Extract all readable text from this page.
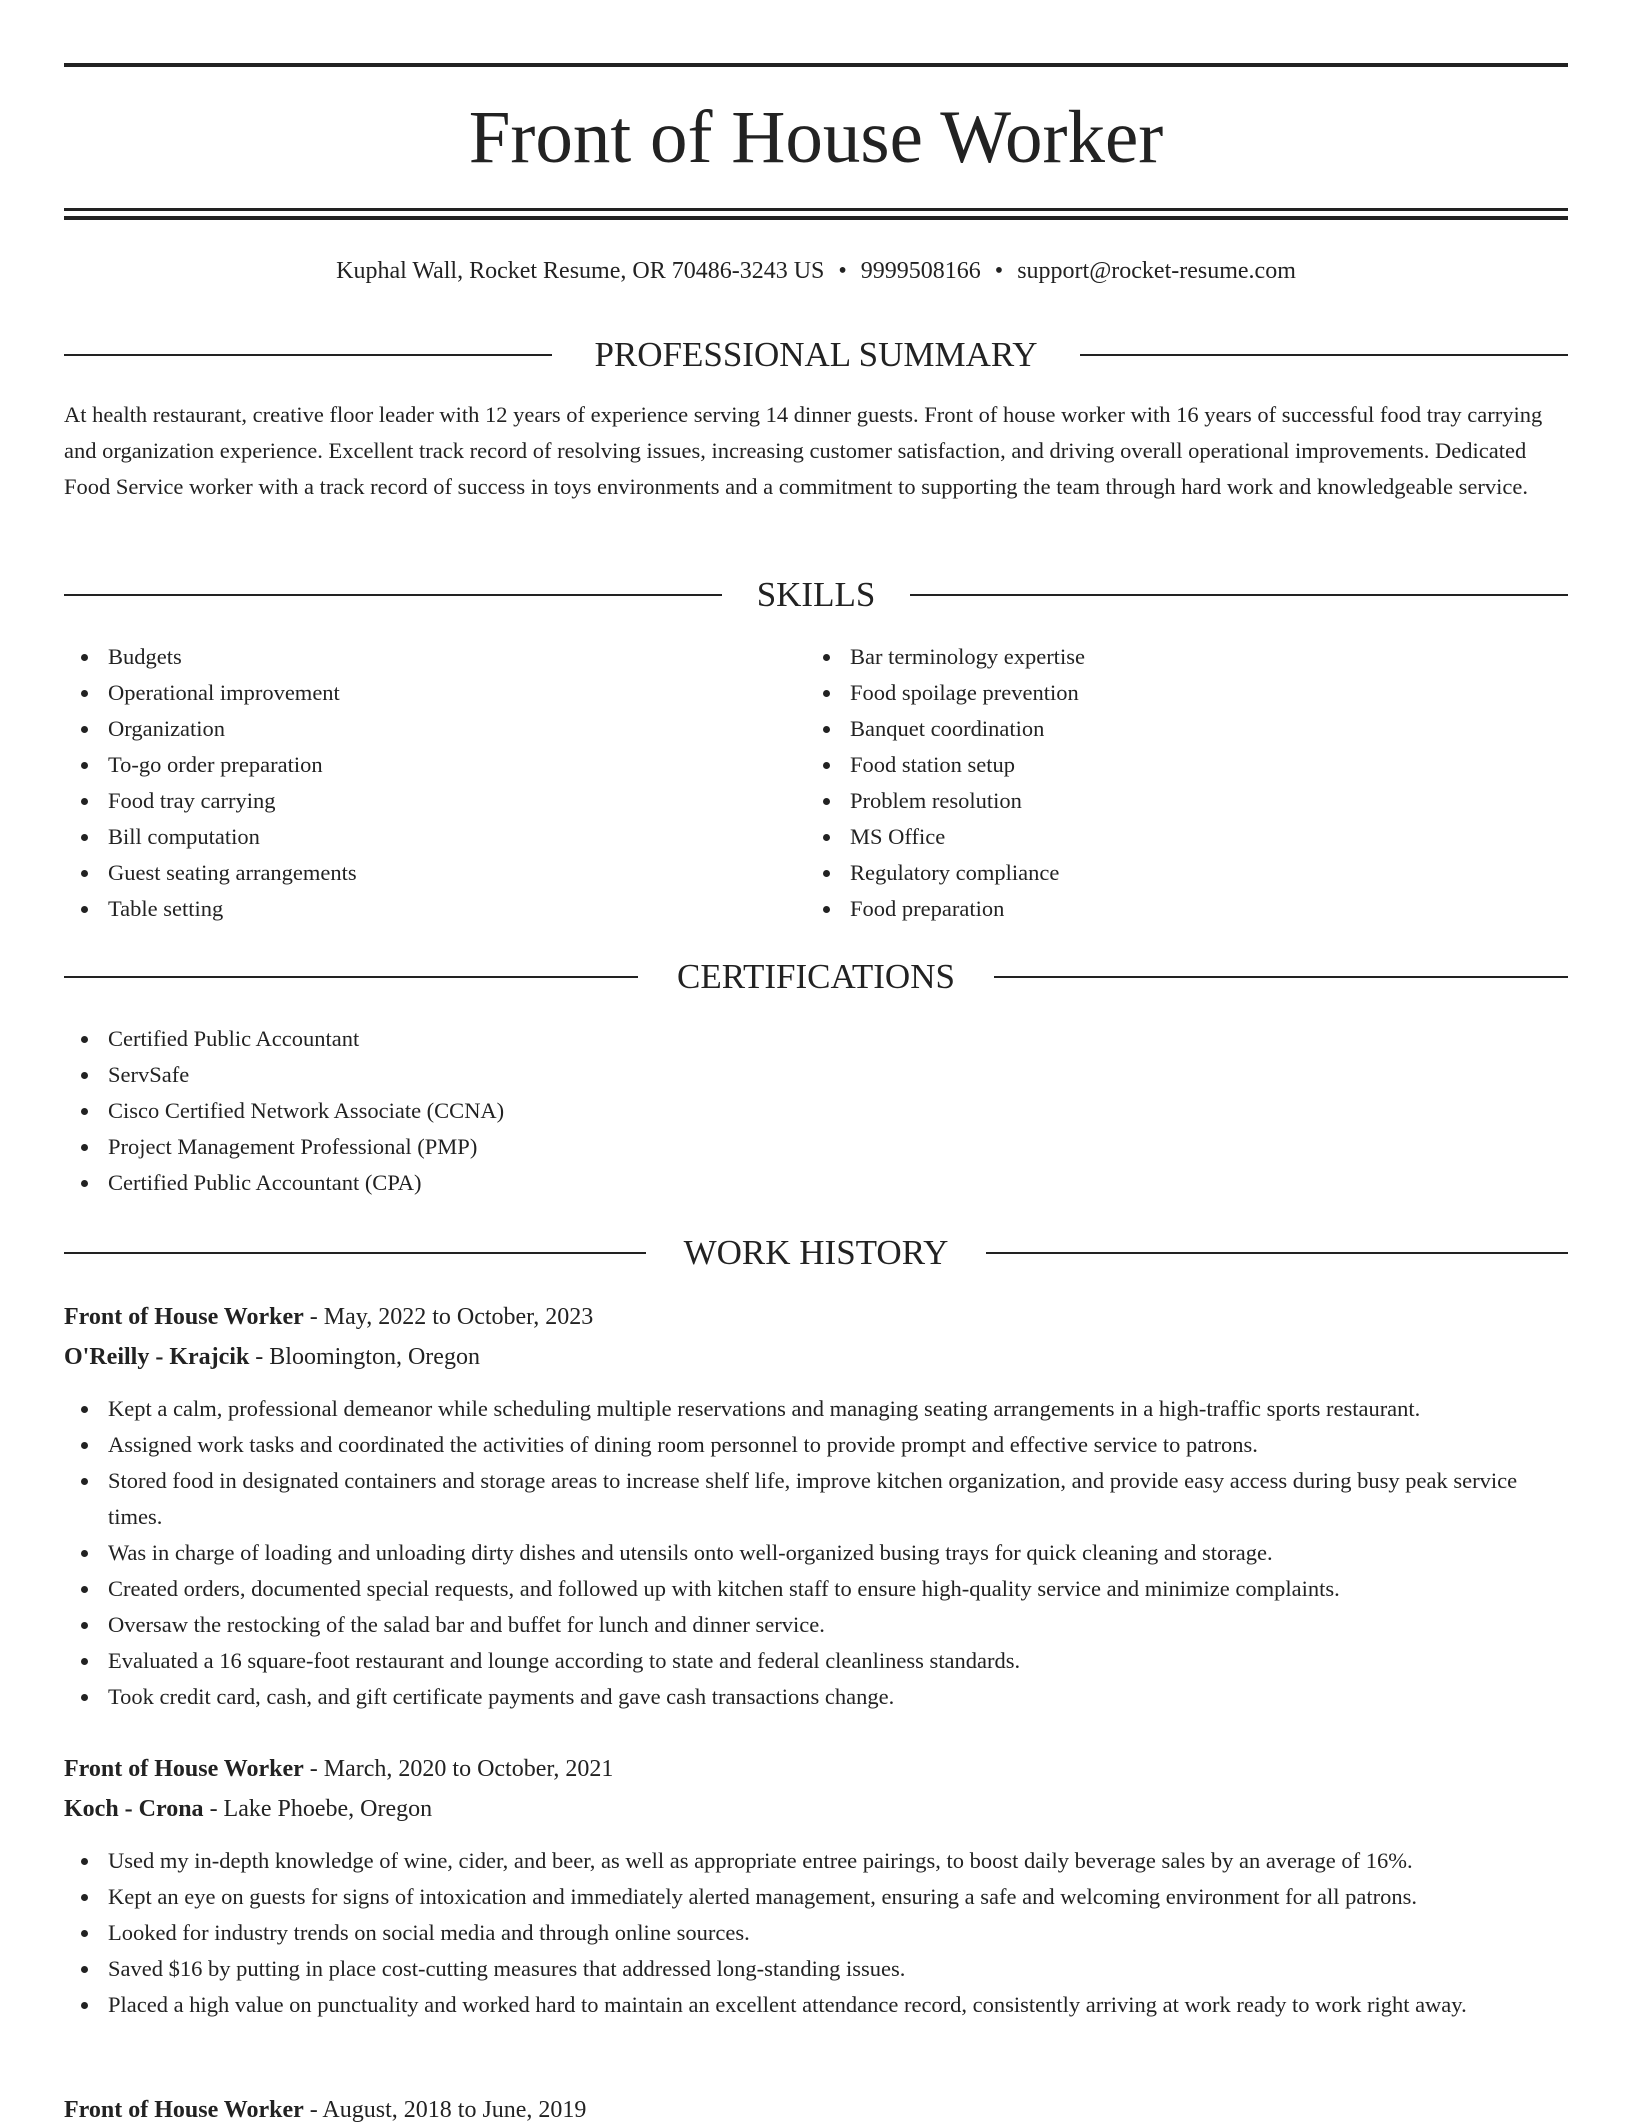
Front of House Worker
Kuphal Wall, Rocket Resume, OR 70486-3243 US • 9999508166 • support@rocket-resume.com
PROFESSIONAL SUMMARY

At health restaurant, creative floor leader with 12 years of experience serving 14 dinner guests. Front of house worker with 16 years of successful food tray carrying and organization experience. Excellent track record of resolving issues, increasing customer satisfaction, and driving overall operational improvements. Dedicated Food Service worker with a track record of success in toys environments and a commitment to supporting the team through hard work and knowledgeable service.

SKILLS
Budgets
Operational improvement
Organization
To-go order preparation
Food tray carrying
Bill computation
Guest seating arrangements
Table setting
Bar terminology expertise
Food spoilage prevention
Banquet coordination
Food station setup
Problem resolution
MS Office
Regulatory compliance
Food preparation
CERTIFICATIONS
Certified Public Accountant
ServSafe
Cisco Certified Network Associate (CCNA)
Project Management Professional (PMP)
Certified Public Accountant (CPA)
WORK HISTORY
Front of House Worker - May, 2022 to October, 2023
O'Reilly - Krajcik - Bloomington, Oregon
Kept a calm, professional demeanor while scheduling multiple reservations and managing seating arrangements in a high-traffic sports restaurant.
Assigned work tasks and coordinated the activities of dining room personnel to provide prompt and effective service to patrons.
Stored food in designated containers and storage areas to increase shelf life, improve kitchen organization, and provide easy access during busy peak service times.
Was in charge of loading and unloading dirty dishes and utensils onto well-organized busing trays for quick cleaning and storage.
Created orders, documented special requests, and followed up with kitchen staff to ensure high-quality service and minimize complaints.
Oversaw the restocking of the salad bar and buffet for lunch and dinner service.
Evaluated a 16 square-foot restaurant and lounge according to state and federal cleanliness standards.
Took credit card, cash, and gift certificate payments and gave cash transactions change.
Front of House Worker - March, 2020 to October, 2021
Koch - Crona - Lake Phoebe, Oregon
Used my in-depth knowledge of wine, cider, and beer, as well as appropriate entree pairings, to boost daily beverage sales by an average of 16%.
Kept an eye on guests for signs of intoxication and immediately alerted management, ensuring a safe and welcoming environment for all patrons.
Looked for industry trends on social media and through online sources.
Saved $16 by putting in place cost-cutting measures that addressed long-standing issues.
Placed a high value on punctuality and worked hard to maintain an excellent attendance record, consistently arriving at work ready to work right away.
Front of House Worker - August, 2018 to June, 2019
